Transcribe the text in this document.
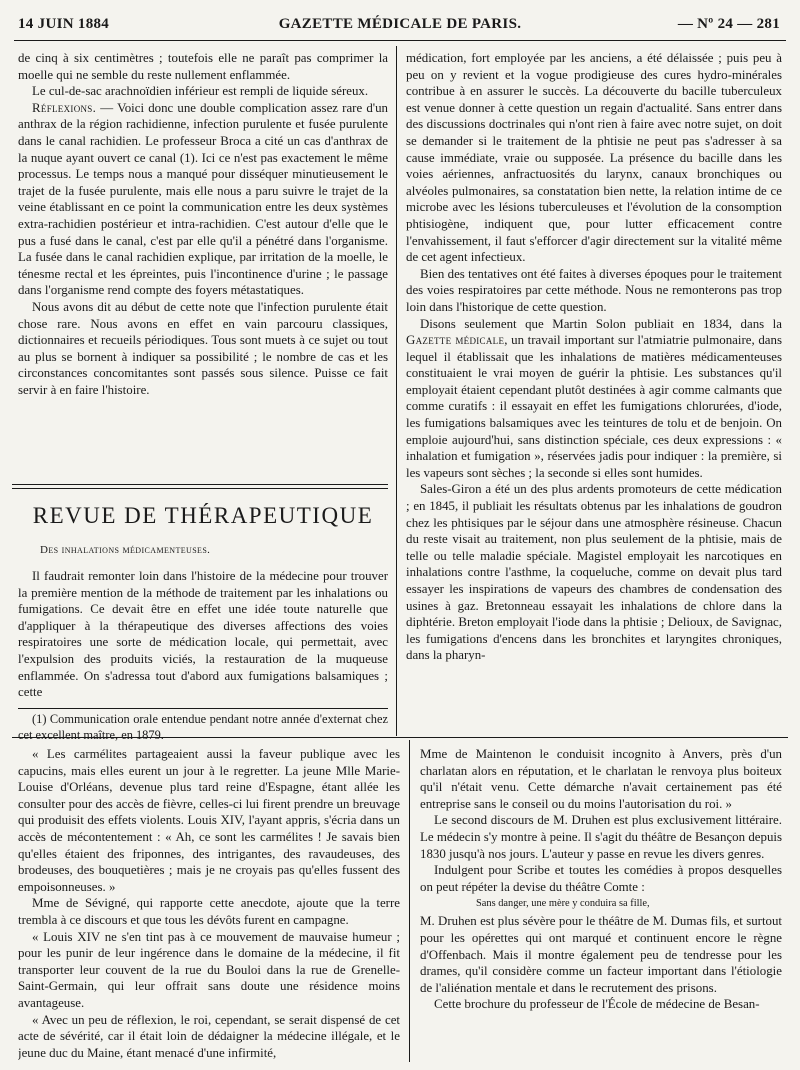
14 JUIN 1884	GAZETTE MÉDICALE DE PARIS.	— Nº 24 — 281

de cinq à six centimètres ; toutefois elle ne paraît pas comprimer la moelle qui ne semble du reste nullement enflammée.

Le cul-de-sac arachnoïdien inférieur est rempli de liquide séreux.

Réflexions. — Voici donc une double complication assez rare d'un anthrax de la région rachidienne, infection purulente et fusée purulente dans le canal rachidien. Le professeur Broca a cité un cas d'anthrax de la nuque ayant ouvert ce canal (1). Ici ce n'est pas exactement le même processus. Le temps nous a manqué pour disséquer minutieusement le trajet de la fusée purulente, mais elle nous a paru suivre le trajet de la veine établissant en ce point la communication entre les deux systèmes extra-rachidien postérieur et intra-rachidien. C'est autour d'elle que le pus a fusé dans le canal, c'est par elle qu'il a pénétré dans l'organisme. La fusée dans le canal rachidien explique, par irritation de la moelle, le ténesme rectal et les épreintes, puis l'incontinence d'urine ; le passage dans l'organisme rend compte des foyers métastatiques.

Nous avons dit au début de cette note que l'infection purulente était chose rare. Nous avons en effet en vain parcouru classiques, dictionnaires et recueils périodiques. Tous sont muets à ce sujet ou tout au plus se bornent à indiquer sa possibilité ; le nombre de cas et les circonstances concomitantes sont passés sous silence. Puisse ce fait servir à en faire l'histoire.

REVUE DE THÉRAPEUTIQUE
Des inhalations médicamenteuses.

Il faudrait remonter loin dans l'histoire de la médecine pour trouver la première mention de la méthode de traitement par les inhalations ou fumigations. Ce devait être en effet une idée toute naturelle que d'appliquer à la thérapeutique des diverses affections des voies respiratoires une sorte de médication locale, qui permettait, avec l'expulsion des produits viciés, la restauration de la muqueuse enflammée. On s'adressa tout d'abord aux fumigations balsamiques ; cette

(1) Communication orale entendue pendant notre année d'externat chez cet excellent maître, en 1879.

médication, fort employée par les anciens, a été délaissée ; puis peu à peu on y revient et la vogue prodigieuse des cures hydro-minérales contribue à en assurer le succès. La découverte du bacille tuberculeux est venue donner à cette question un regain d'actualité. Sans entrer dans des discussions doctrinales qui n'ont rien à faire avec notre sujet, on doit se demander si le traitement de la phtisie ne peut pas s'adresser à sa cause immédiate, vraie ou supposée. La présence du bacille dans les voies aériennes, anfractuosités du larynx, canaux bronchiques ou alvéoles pulmonaires, sa constatation bien nette, la relation intime de ce microbe avec les lésions tuberculeuses et l'évolution de la consomption phtisiogène, indiquent que, pour lutter efficacement contre l'envahissement, il faut s'efforcer d'agir directement sur la vitalité même de cet agent infectieux.

Bien des tentatives ont été faites à diverses époques pour le traitement des voies respiratoires par cette méthode. Nous ne remonterons pas trop loin dans l'historique de cette question.

Disons seulement que Martin Solon publiait en 1834, dans la Gazette médicale, un travail important sur l'atmiatrie pulmonaire, dans lequel il établissait que les inhalations de matières médicamenteuses constituaient le vrai moyen de guérir la phtisie. Les substances qu'il employait étaient cependant plutôt destinées à agir comme calmants que comme curatifs : il essayait en effet les fumigations chlorurées, d'iode, les fumigations balsamiques avec les teintures de tolu et de benjoin. On emploie aujourd'hui, sans distinction spéciale, ces deux expressions : « inhalation et fumigation », réservées jadis pour indiquer : la première, si les vapeurs sont sèches ; la seconde si elles sont humides.

Sales-Giron a été un des plus ardents promoteurs de cette médication ; en 1845, il publiait les résultats obtenus par les inhalations de goudron chez les phtisiques par le séjour dans une atmosphère résineuse. Chacun du reste visait au traitement, non plus seulement de la phtisie, mais de telle ou telle maladie spéciale. Magistel employait les narcotiques en inhalations contre l'asthme, la coqueluche, comme on devait plus tard essayer les inspirations de vapeurs des chambres de condensation des usines à gaz. Bretonneau essayait les inhalations de chlore dans la diphtérie. Breton employait l'iode dans la phtisie ; Delioux, de Savignac, les fumigations d'encens dans les bronchites et laryngites chroniques, dans la pharyn-

« Les carmélites partageaient aussi la faveur publique avec les capucins, mais elles eurent un jour à le regretter. La jeune Mlle Marie-Louise d'Orléans, devenue plus tard reine d'Espagne, étant allée les consulter pour des accès de fièvre, celles-ci lui firent prendre un breuvage qui produisit des effets violents. Louis XIV, l'ayant appris, s'écria dans un accès de mécontentement : « Ah, ce sont les carmélites ! Je savais bien qu'elles étaient des friponnes, des intrigantes, des ravaudeuses, des brodeuses, des bouquetières ; mais je ne croyais pas qu'elles fussent des empoisonneuses. »

Mme de Sévigné, qui rapporte cette anecdote, ajoute que la terre trembla à ce discours et que tous les dévôts furent en campagne.

« Louis XIV ne s'en tint pas à ce mouvement de mauvaise humeur ; pour les punir de leur ingérence dans le domaine de la médecine, il fit transporter leur couvent de la rue du Bouloi dans la rue de Grenelle-Saint-Germain, qui leur offrait sans doute une résidence moins avantageuse.

« Avec un peu de réflexion, le roi, cependant, se serait dispensé de cet acte de sévérité, car il était loin de dédaigner la médecine illégale, et le jeune duc du Maine, étant menacé d'une infirmité,

Mme de Maintenon le conduisit incognito à Anvers, près d'un charlatan alors en réputation, et le charlatan le renvoya plus boiteux qu'il n'était venu. Cette démarche n'avait certainement pas été entreprise sans le conseil ou du moins l'autorisation du roi. »

Le second discours de M. Druhen est plus exclusivement littéraire. Le médecin s'y montre à peine. Il s'agit du théâtre de Besançon depuis 1830 jusqu'à nos jours. L'auteur y passe en revue les divers genres.

Indulgent pour Scribe et toutes les comédies à propos desquelles on peut répéter la devise du théâtre Comte :

Sans danger, une mère y conduira sa fille,

M. Druhen est plus sévère pour le théâtre de M. Dumas fils, et surtout pour les opérettes qui ont marqué et continuent encore le règne d'Offenbach. Mais il montre également peu de tendresse pour les drames, qu'il considère comme un facteur important dans l'étiologie de l'aliénation mentale et dans le recrutement des prisons.

Cette brochure du professeur de l'École de médecine de Besan-
